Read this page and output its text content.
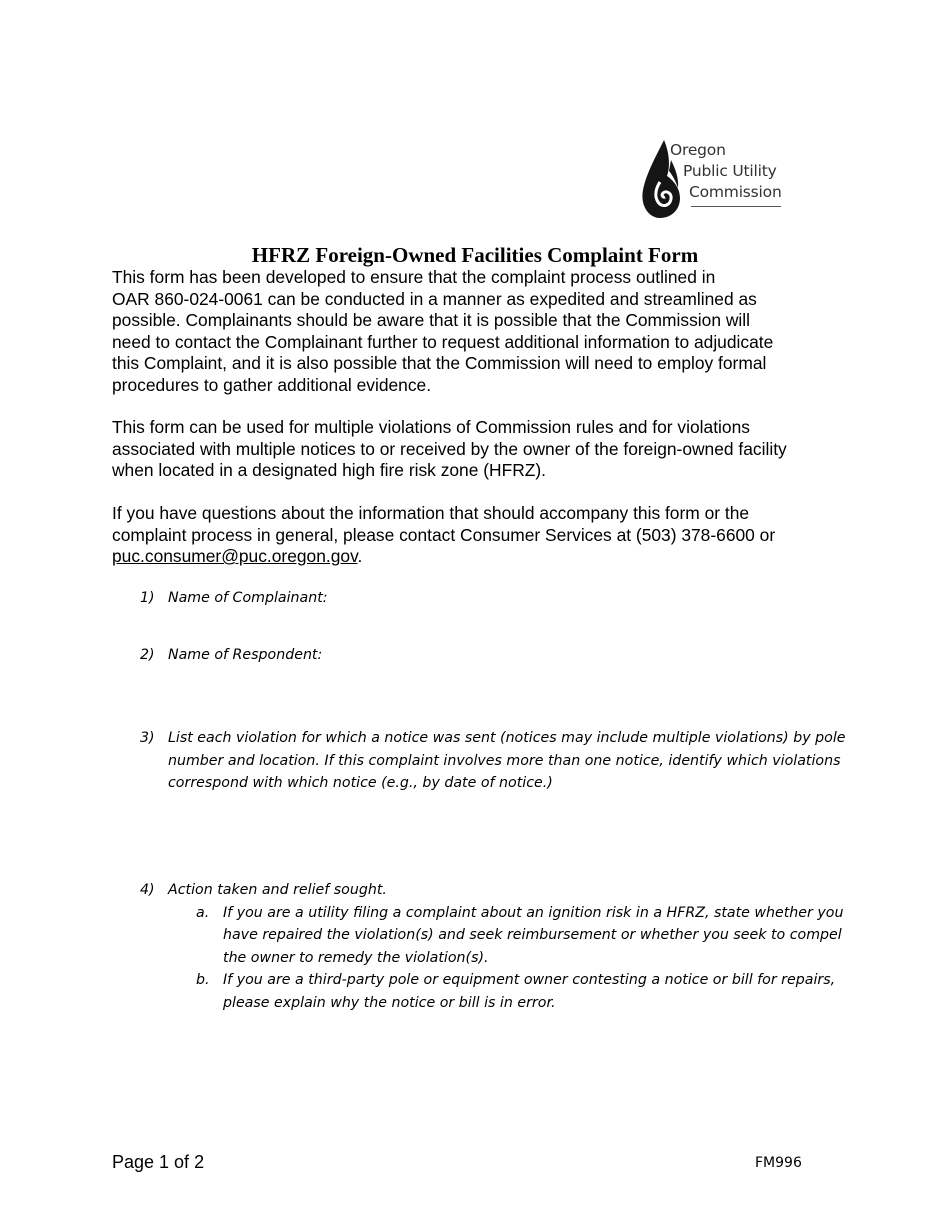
Oregon
Public Utility
Commission
HFRZ Foreign-Owned Facilities Complaint Form
This form has been developed to ensure that the complaint process outlined in
OAR 860-024-0061 can be conducted in a manner as expedited and streamlined as
possible. Complainants should be aware that it is possible that the Commission will
need to contact the Complainant further to request additional information to adjudicate
this Complaint, and it is also possible that the Commission will need to employ formal
procedures to gather additional evidence.
This form can be used for multiple violations of Commission rules and for violations
associated with multiple notices to or received by the owner of the foreign-owned facility
when located in a designated high fire risk zone (HFRZ).
If you have questions about the information that should accompany this form or the
complaint process in general, please contact Consumer Services at (503) 378-6600 or
puc.consumer@puc.oregon.gov.
1) Name of Complainant:
2) Name of Respondent:
3) List each violation for which a notice was sent (notices may include multiple violations) by pole
number and location. If this complaint involves more than one notice, identify which violations
correspond with which notice (e.g., by date of notice.)
4) Action taken and relief sought.
a. If you are a utility filing a complaint about an ignition risk in a HFRZ, state whether you
have repaired the violation(s) and seek reimbursement or whether you seek to compel
the owner to remedy the violation(s).
b. If you are a third-party pole or equipment owner contesting a notice or bill for repairs,
please explain why the notice or bill is in error.
Page 1 of 2	FM996
